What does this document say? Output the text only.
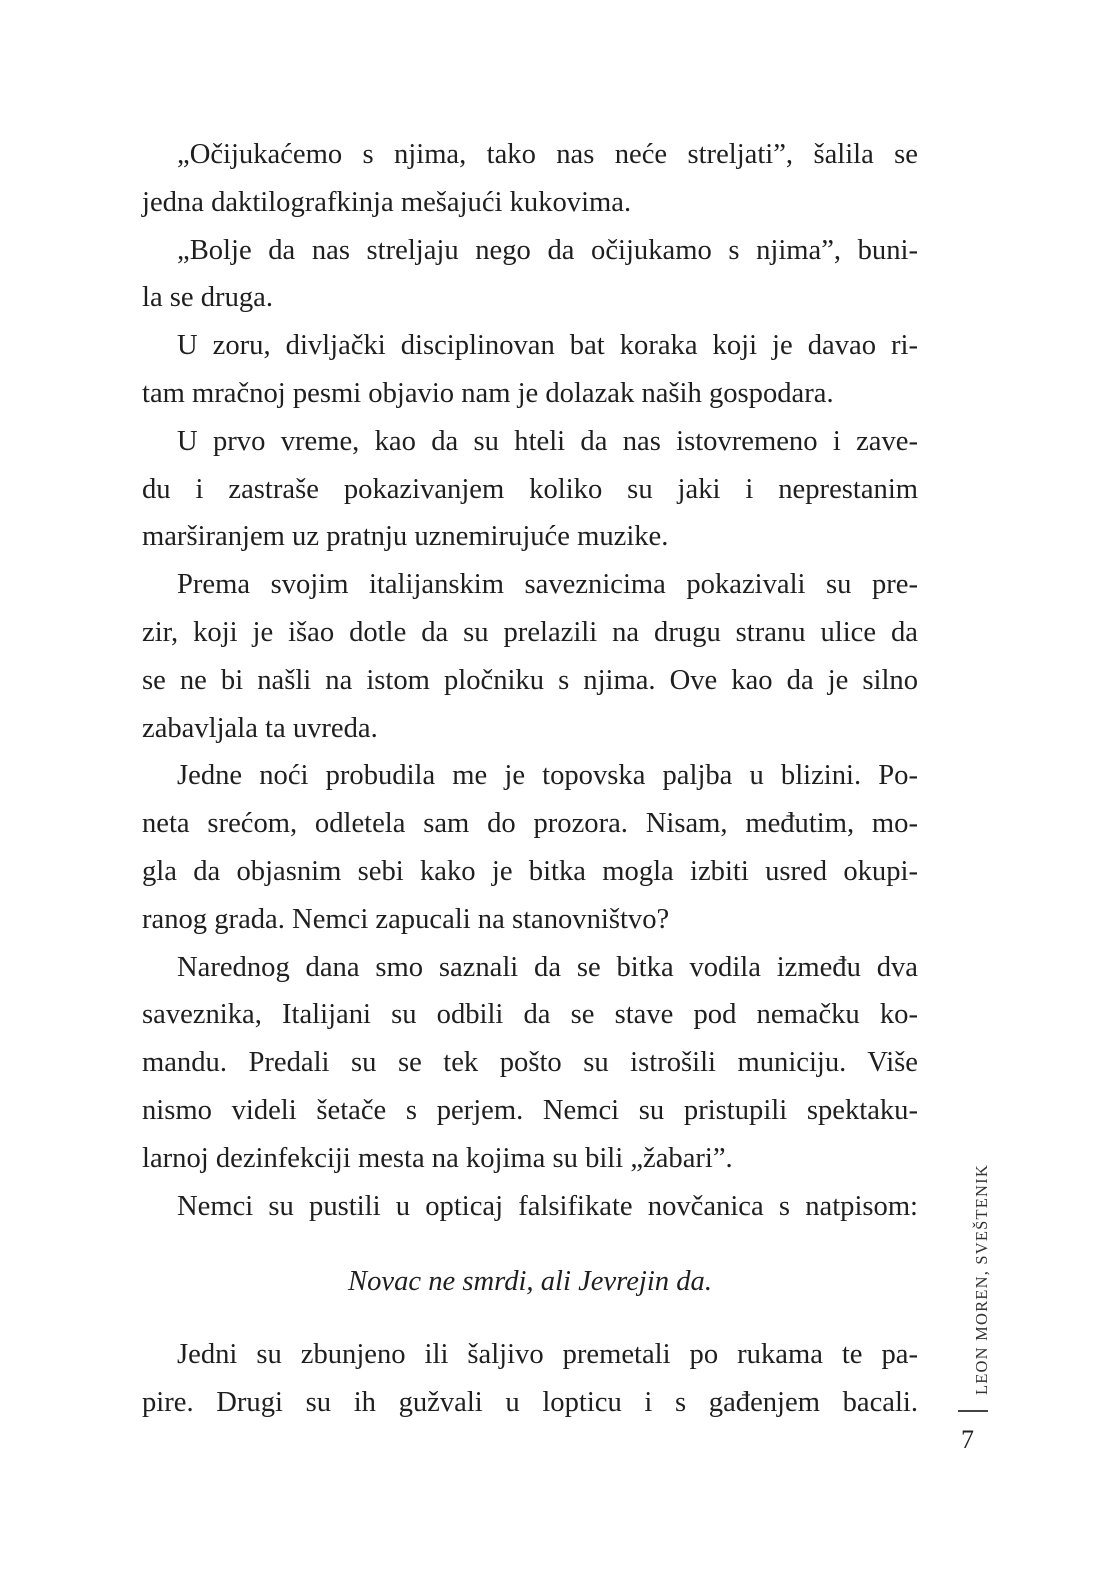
„Očijukaćemo s njima, tako nas neće streljati”, šalila se
jedna daktilografkinja mešajući kukovima.
„Bolje da nas streljaju nego da očijukamo s njima”, buni-
la se druga.
U zoru, divljački disciplinovan bat koraka koji je davao ri-
tam mračnoj pesmi objavio nam je dolazak naših gospodara.
U prvo vreme, kao da su hteli da nas istovremeno i zave-
du i zastraše pokazivanjem koliko su jaki i neprestanim
marširanjem uz pratnju uznemirujuće muzike.
Prema svojim italijanskim saveznicima pokazivali su pre-
zir, koji je išao dotle da su prelazili na drugu stranu ulice da
se ne bi našli na istom pločniku s njima. Ove kao da je silno
zabavljala ta uvreda.
Jedne noći probudila me je topovska paljba u blizini. Po-
neta srećom, odletela sam do prozora. Nisam, međutim, mo-
gla da objasnim sebi kako je bitka mogla izbiti usred okupi-
ranog grada. Nemci zapucali na stanovništvo?
Narednog dana smo saznali da se bitka vodila između dva
saveznika, Italijani su odbili da se stave pod nemačku ko-
mandu. Predali su se tek pošto su istrošili municiju. Više
nismo videli šetače s perjem. Nemci su pristupili spektaku-
larnoj dezinfekciji mesta na kojima su bili „žabari”.
Nemci su pustili u opticaj falsifikate novčanica s natpisom:
Novac ne smrdi, ali Jevrejin da.
Jedni su zbunjeno ili šaljivo premetali po rukama te pa-
pire. Drugi su ih gužvali u lopticu i s gađenjem bacali.
LEON MOREN, SVEŠTENIK
7
